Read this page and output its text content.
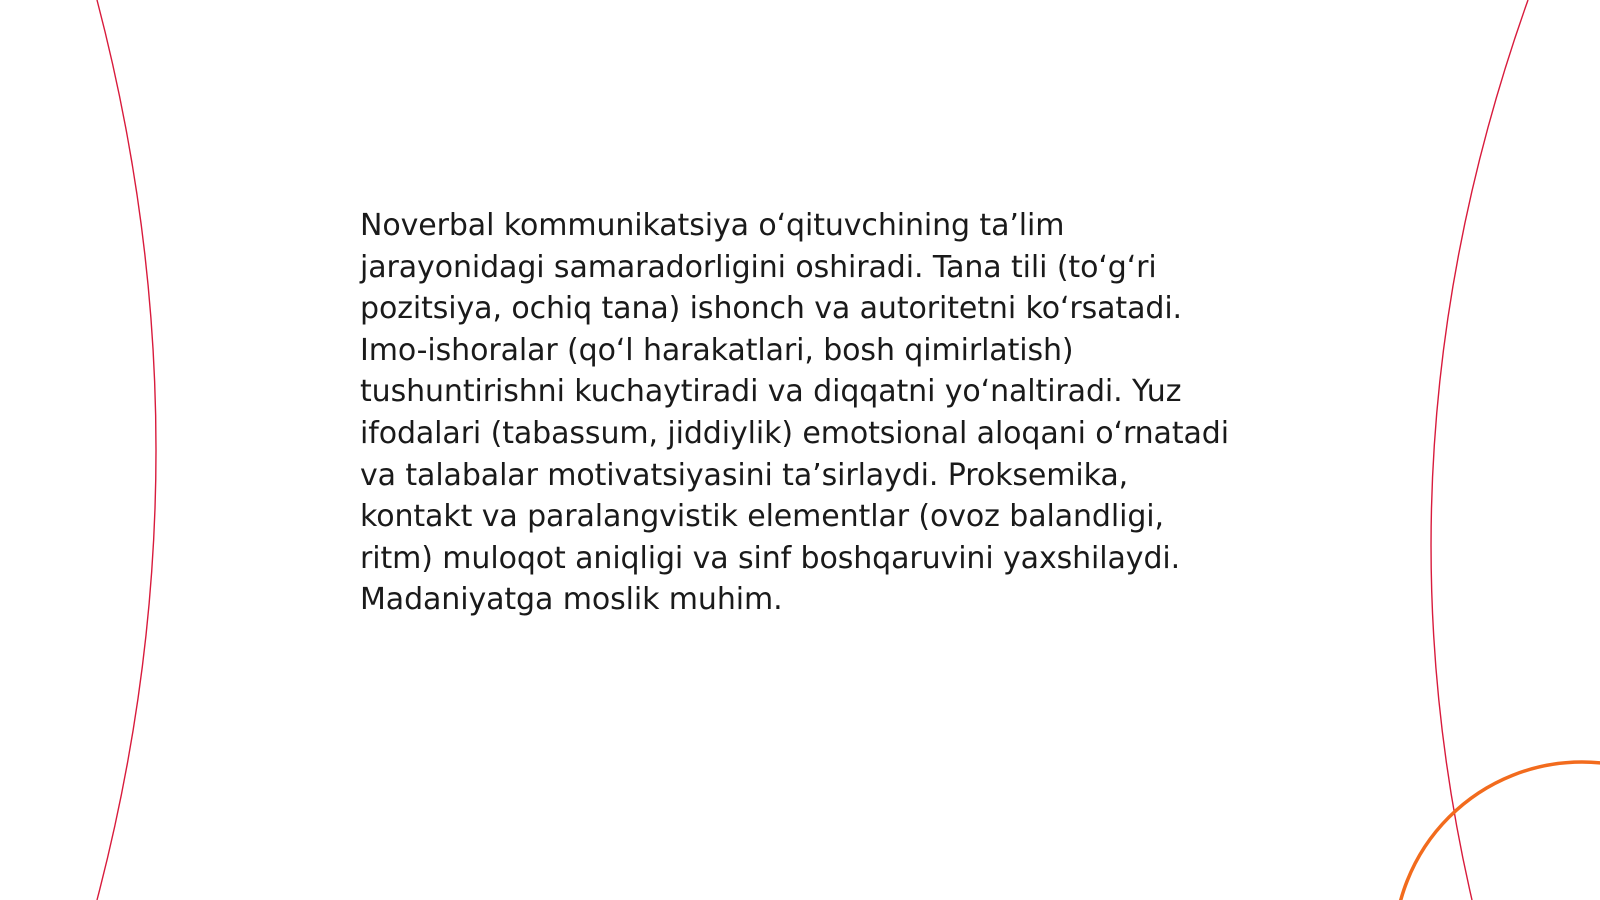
Noverbal kommunikatsiya o‘qituvchining ta’lim jarayonidagi samaradorligini oshiradi. Tana tili (to‘g‘ri pozitsiya, ochiq tana) ishonch va autoritetni ko‘rsatadi. Imo-ishoralar (qo‘l harakatlari, bosh qimirlatish) tushuntirishni kuchaytiradi va diqqatni yo‘naltiradi. Yuz ifodalari (tabassum, jiddiylik) emotsional aloqani o‘rnatadi va talabalar motivatsiyasini ta’sirlaydi. Proksemika, kontakt va paralangvistik elementlar (ovoz balandligi, ritm) muloqot aniqligi va sinf boshqaruvini yaxshilaydi. Madaniyatga moslik muhim.
